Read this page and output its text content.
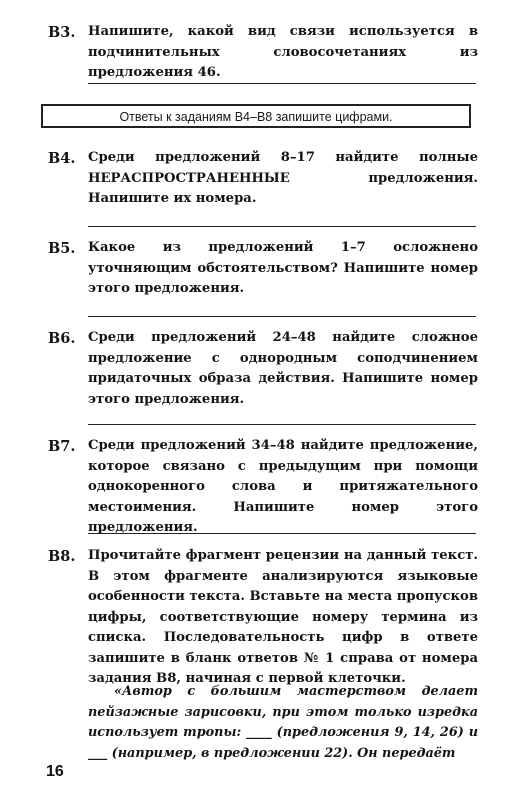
В3. Напишите, какой вид связи используется в подчинительных словосочетаниях из предложения 46.
Ответы к заданиям В4–В8 запишите цифрами.
В4. Среди предложений 8–17 найдите полные НЕРАСПРОСТРАНЕННЫЕ предложения. Напишите их номера.
В5. Какое из предложений 1–7 осложнено уточняющим обстоятельством? Напишите номер этого предложения.
В6. Среди предложений 24–48 найдите сложное предложение с однородным соподчинением придаточных образа действия. Напишите номер этого предложения.
В7. Среди предложений 34–48 найдите предложение, которое связано с предыдущим при помощи однокоренного слова и притяжательного местоимения. Напишите номер этого предложения.
В8. Прочитайте фрагмент рецензии на данный текст. В этом фрагменте анализируются языковые особенности текста. Вставьте на места пропусков цифры, соответствующие номеру термина из списка. Последовательность цифр в ответе запишите в бланк ответов № 1 справа от номера задания В8, начиная с первой клеточки.
«Автор с большим мастерством делает пейзажные зарисовки, при этом только изредка использует тропы: ____ (предложения 9, 14, 26) и ___ (например, в предложении 22). Он передаёт
16
